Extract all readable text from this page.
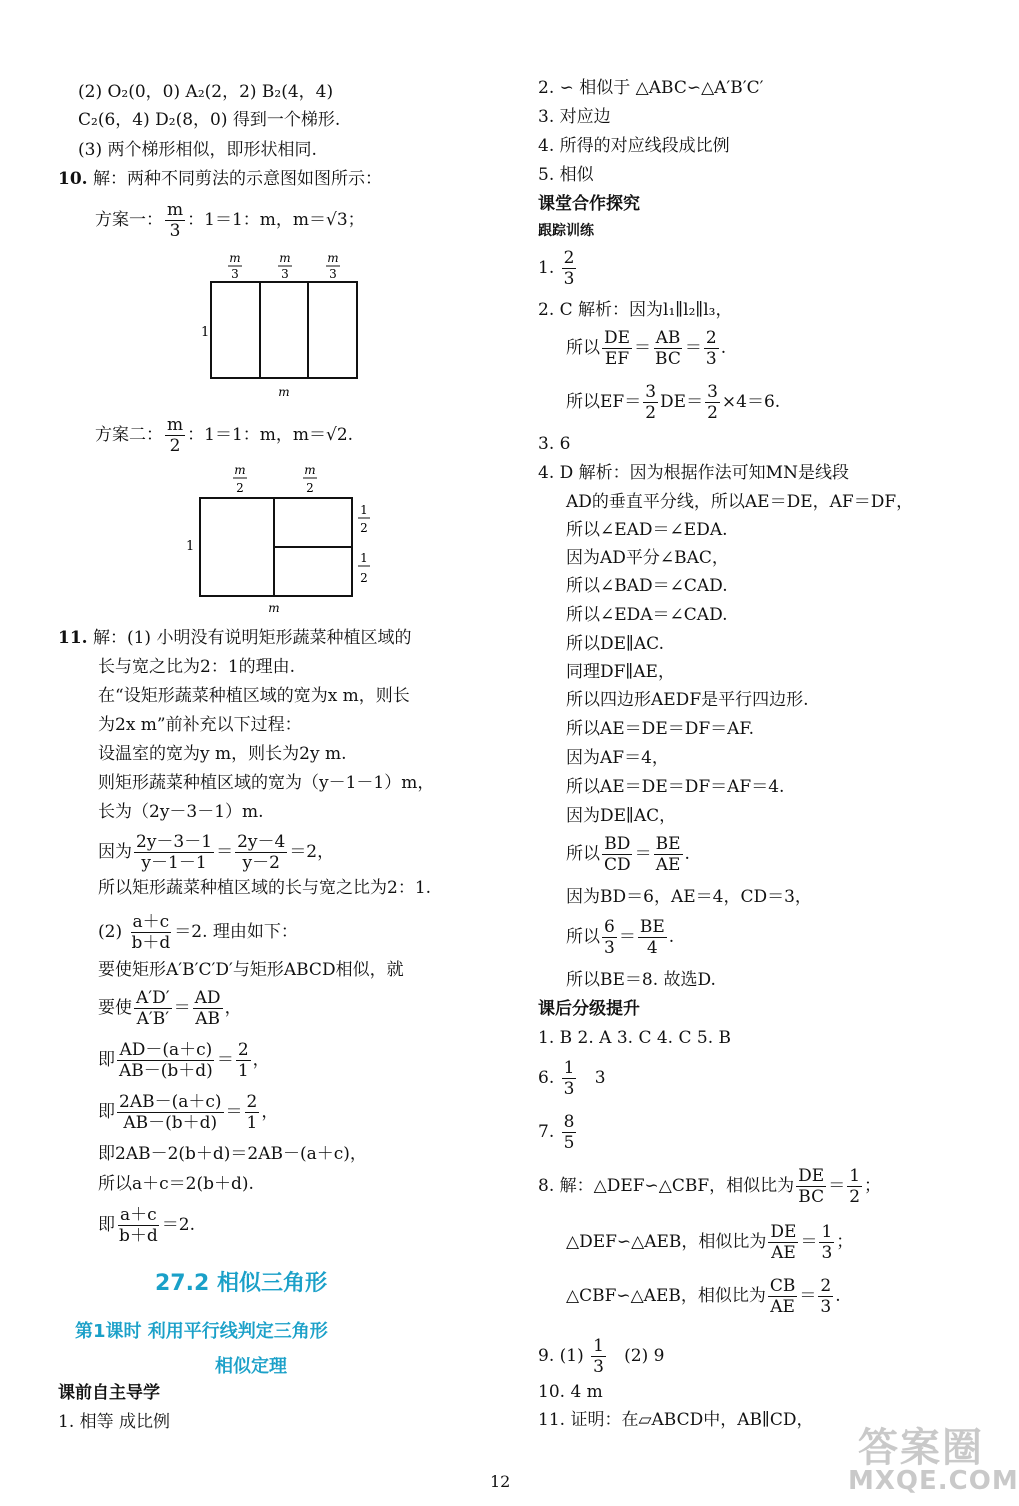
(2) O₂(0，0) A₂(2，2) B₂(4，4)
C₂(6，4) D₂(8，0) 得到一个梯形.
(3) 两个梯形相似，即形状相同.
10. 解：两种不同剪法的示意图如图所示：
方案一： $\frac{m}{3}$ ：1＝1：m，m＝√3；
m
3
m
3
m
3
1
m
方案二： $\frac{m}{2}$ ：1＝1：m，m＝√2.
m
2
m
2
1
2
1
2
1
m
11. 解：(1) 小明没有说明矩形蔬菜种植区域的
长与宽之比为2：1的理由.
在“设矩形蔬菜种植区域的宽为x m，则长
为2x m”前补充以下过程：
设温室的宽为y m，则长为2y m.
则矩形蔬菜种植区域的宽为（y－1－1）m，
长为（2y－3－1）m.
因为 $\frac{2y-3-1}{y-1-1} = \frac{2y-4}{y-2} =2$，
所以矩形蔬菜种植区域的长与宽之比为2：1.
$(2) \frac{a+c}{b+d} =2$. 理由如下：
要使矩形A′B′C′D′与矩形ABCD相似，就
要使 $\frac{A'D'}{A'B'} = \frac{AD}{AB}$ ，
即 $\frac{AD-(a+c)}{AB-(b+d)} = \frac{2}{1}$ ，
即 $\frac{2AB-(a+c)}{AB-(b+d)} = \frac{2}{1}$ ，
即2AB－2(b＋d)＝2AB－(a＋c)，
所以a＋c＝2(b＋d).
即 $\frac{a+c}{b+d} =2$.
27.2 相似三角形
第1课时 利用平行线判定三角形
相似定理
课前自主导学
1. 相等 成比例
2. ∽ 相似于 △ABC∽△A′B′C′
3. 对应边
4. 所得的对应线段成比例
5. 相似
课堂合作探究
跟踪训练
1. $\frac{2}{3}$
2. C 解析：因为l₁∥l₂∥l₃，
所以 $\frac{DE}{EF} = \frac{AB}{BC} = \frac{2}{3}$ .
所以$EF= \frac{3}{2} DE= \frac{3}{2} \times 4=6$.
3. 6
4. D 解析：因为根据作法可知MN是线段
AD的垂直平分线，所以AE＝DE，AF＝DF，
所以∠EAD＝∠EDA.
因为AD平分∠BAC，
所以∠BAD＝∠CAD.
所以∠EDA＝∠CAD.
所以DE∥AC.
同理DF∥AE，
所以四边形AEDF是平行四边形.
所以AE＝DE＝DF＝AF.
因为AF＝4，
所以AE＝DE＝DF＝AF＝4.
因为DE∥AC，
所以 $\frac{BD}{CD} = \frac{BE}{AE}$ .
因为BD＝6，AE＝4，CD＝3，
所以 $\frac{6}{3} = \frac{BE}{4}$ .
所以BE＝8. 故选D.
课后分级提升
1. B 2. A 3. C 4. C 5. B
6. $\frac{1}{3} 3$
7. $\frac{8}{5}$
8. 解：△DEF∽△CBF，相似比为 $\frac{DE}{BC} = \frac{1}{2}$ ；
△DEF∽△AEB，相似比为 $\frac{DE}{AE} = \frac{1}{3}$ ；
△CBF∽△AEB，相似比为 $\frac{CB}{AE} = \frac{2}{3}$ .
9. $(1) \frac{1}{3} (2)$ 9
10. 4 m
11. 证明：在▱ABCD中，AB∥CD，
12
答案圈
MXQE.COM
